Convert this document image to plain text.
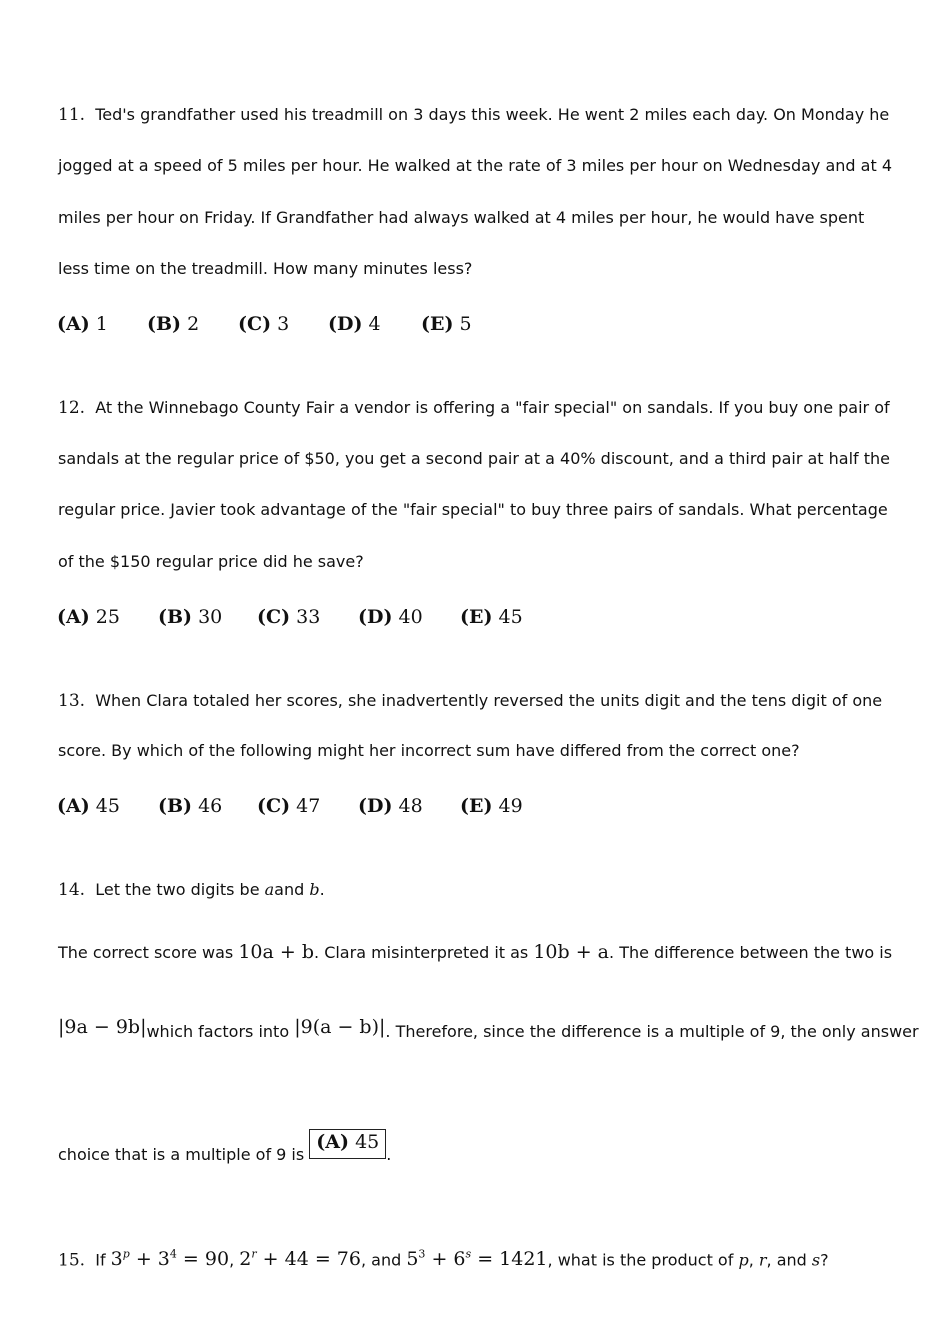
11. Ted's grandfather used his treadmill on 3 days this week. He went 2 miles each day. On Monday he
jogged at a speed of 5 miles per hour. He walked at the rate of 3 miles per hour on Wednesday and at 4
miles per hour on Friday. If Grandfather had always walked at 4 miles per hour, he would have spent
less time on the treadmill. How many minutes less?
(A) 1 (B) 2 (C) 3 (D) 4 (E) 5
12. At the Winnebago County Fair a vendor is offering a "fair special" on sandals. If you buy one pair of
sandals at the regular price of $50, you get a second pair at a 40% discount, and a third pair at half the
regular price. Javier took advantage of the "fair special" to buy three pairs of sandals. What percentage
of the $150 regular price did he save?
(A) 25 (B) 30 (C) 33 (D) 40 (E) 45
13. When Clara totaled her scores, she inadvertently reversed the units digit and the tens digit of one
score. By which of the following might her incorrect sum have differed from the correct one?
(A) 45 (B) 46 (C) 47 (D) 48 (E) 49
14. Let the two digits be aand b.
The correct score was 10a + b. Clara misinterpreted it as 10b + a. The difference between the two is
|9a − 9b|which factors into |9(a − b)|. Therefore, since the difference is a multiple of 9, the only answer
choice that is a multiple of 9 is (A) 45.
15. If $3^p + 3^4 = 90$, $2^r + 44 = 76$, and $5^3 + 6^s = 1421$, what is the product of p, r, and s?
